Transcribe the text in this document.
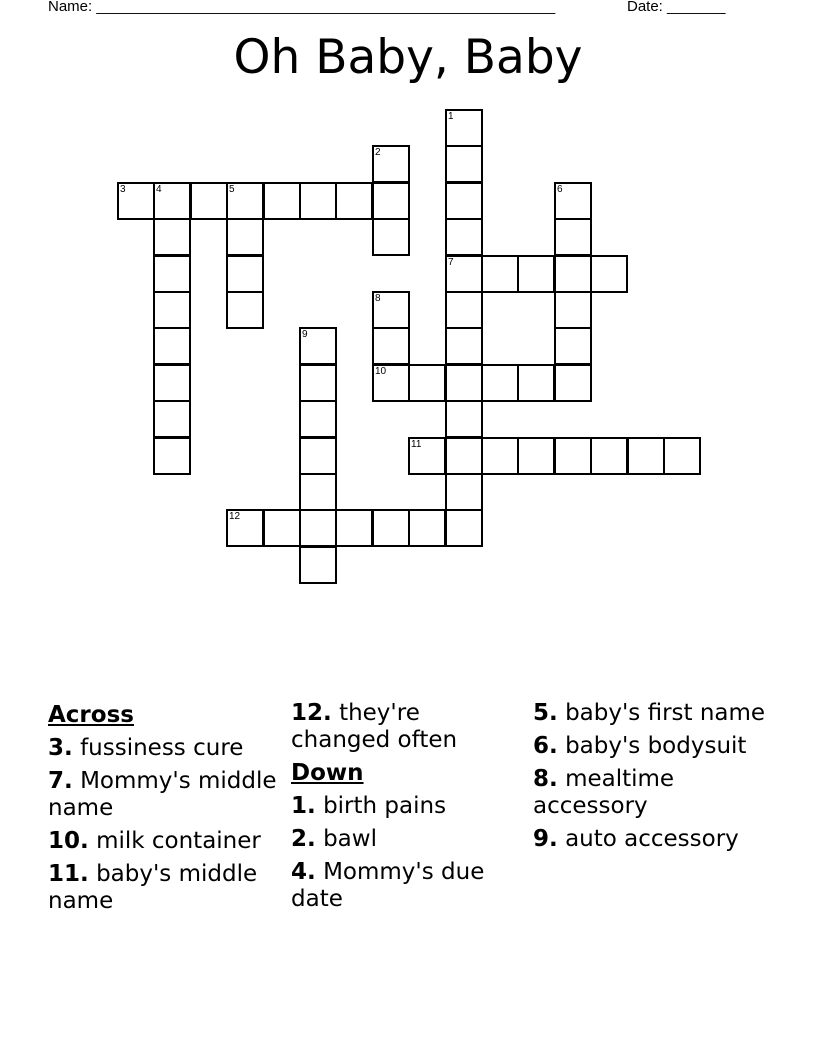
Name: _______________________________________________________	Date: _______
Oh Baby, Baby
1
2
3	4	5	6
7
8
9
10
11
12
Across
3. fussiness cure
7. Mommy's middle name
10. milk container
11. baby's middle name
12. they're changed often
Down
1. birth pains
2. bawl
4. Mommy's due date
5. baby's first name
6. baby's bodysuit
8. mealtime accessory
9. auto accessory
